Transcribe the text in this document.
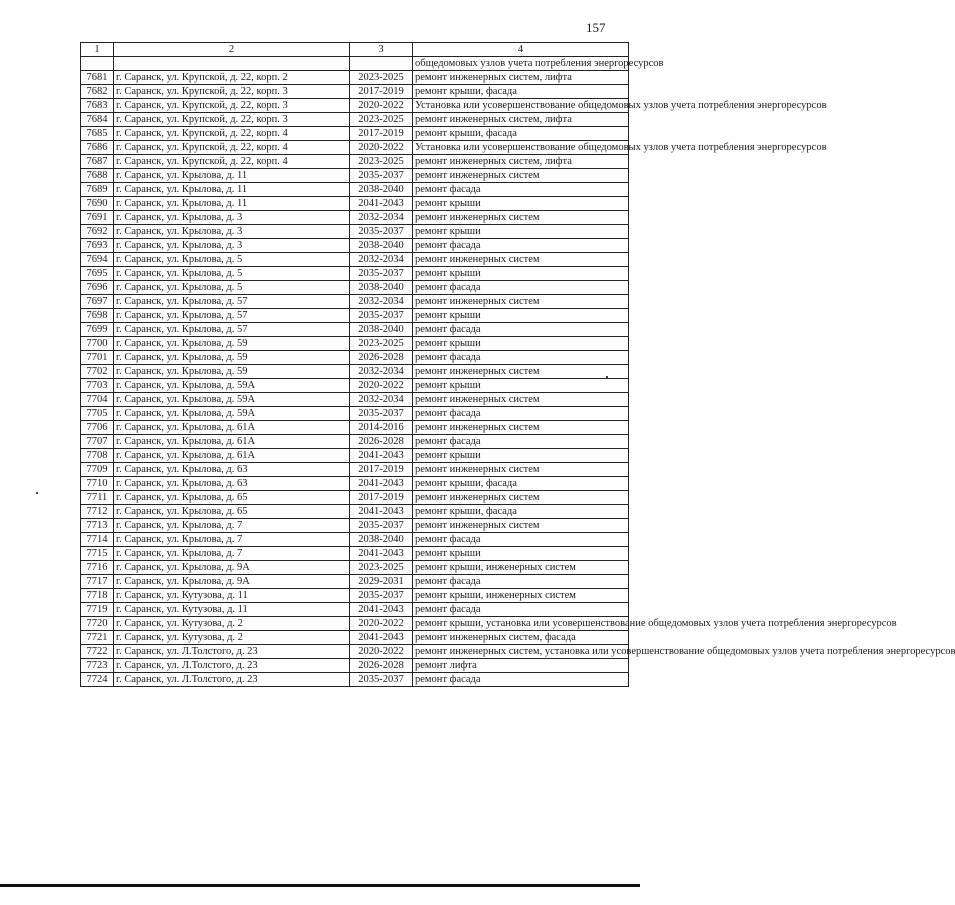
157
1	2	3	4
			общедомовых узлов учета потребления энергоресурсов
7681	г. Саранск, ул. Крупской, д. 22, корп. 2	2023-2025	ремонт инженерных систем, лифта
7682	г. Саранск, ул. Крупской, д. 22, корп. 3	2017-2019	ремонт крыши, фасада
7683	г. Саранск, ул. Крупской, д. 22, корп. 3	2020-2022	Установка или усовершенствование общедомовых узлов учета потребления энергоресурсов
7684	г. Саранск, ул. Крупской, д. 22, корп. 3	2023-2025	ремонт инженерных систем, лифта
7685	г. Саранск, ул. Крупской, д. 22, корп. 4	2017-2019	ремонт крыши, фасада
7686	г. Саранск, ул. Крупской, д. 22, корп. 4	2020-2022	Установка или усовершенствование общедомовых узлов учета потребления энергоресурсов
7687	г. Саранск, ул. Крупской, д. 22, корп. 4	2023-2025	ремонт инженерных систем, лифта
7688	г. Саранск, ул. Крылова, д. 11	2035-2037	ремонт инженерных систем
7689	г. Саранск, ул. Крылова, д. 11	2038-2040	ремонт фасада
7690	г. Саранск, ул. Крылова, д. 11	2041-2043	ремонт крыши
7691	г. Саранск, ул. Крылова, д. 3	2032-2034	ремонт инженерных систем
7692	г. Саранск, ул. Крылова, д. 3	2035-2037	ремонт крыши
7693	г. Саранск, ул. Крылова, д. 3	2038-2040	ремонт фасада
7694	г. Саранск, ул. Крылова, д. 5	2032-2034	ремонт инженерных систем
7695	г. Саранск, ул. Крылова, д. 5	2035-2037	ремонт крыши
7696	г. Саранск, ул. Крылова, д. 5	2038-2040	ремонт фасада
7697	г. Саранск, ул. Крылова, д. 57	2032-2034	ремонт инженерных систем
7698	г. Саранск, ул. Крылова, д. 57	2035-2037	ремонт крыши
7699	г. Саранск, ул. Крылова, д. 57	2038-2040	ремонт фасада
7700	г. Саранск, ул. Крылова, д. 59	2023-2025	ремонт крыши
7701	г. Саранск, ул. Крылова, д. 59	2026-2028	ремонт фасада
7702	г. Саранск, ул. Крылова, д. 59	2032-2034	ремонт инженерных систем
7703	г. Саранск, ул. Крылова, д. 59А	2020-2022	ремонт крыши
7704	г. Саранск, ул. Крылова, д. 59А	2032-2034	ремонт инженерных систем
7705	г. Саранск, ул. Крылова, д. 59А	2035-2037	ремонт фасада
7706	г. Саранск, ул. Крылова, д. 61А	2014-2016	ремонт инженерных систем
7707	г. Саранск, ул. Крылова, д. 61А	2026-2028	ремонт фасада
7708	г. Саранск, ул. Крылова, д. 61А	2041-2043	ремонт крыши
7709	г. Саранск, ул. Крылова, д. 63	2017-2019	ремонт инженерных систем
7710	г. Саранск, ул. Крылова, д. 63	2041-2043	ремонт крыши, фасада
7711	г. Саранск, ул. Крылова, д. 65	2017-2019	ремонт инженерных систем
7712	г. Саранск, ул. Крылова, д. 65	2041-2043	ремонт крыши, фасада
7713	г. Саранск, ул. Крылова, д. 7	2035-2037	ремонт инженерных систем
7714	г. Саранск, ул. Крылова, д. 7	2038-2040	ремонт фасада
7715	г. Саранск, ул. Крылова, д. 7	2041-2043	ремонт крыши
7716	г. Саранск, ул. Крылова, д. 9А	2023-2025	ремонт крыши, инженерных систем
7717	г. Саранск, ул. Крылова, д. 9А	2029-2031	ремонт фасада
7718	г. Саранск, ул. Кутузова, д. 11	2035-2037	ремонт крыши, инженерных систем
7719	г. Саранск, ул. Кутузова, д. 11	2041-2043	ремонт фасада
7720	г. Саранск, ул. Кутузова, д. 2	2020-2022	ремонт крыши, установка или усовершенствование общедомовых узлов учета потребления энергоресурсов
7721	г. Саранск, ул. Кутузова, д. 2	2041-2043	ремонт инженерных систем, фасада
7722	г. Саранск, ул. Л.Толстого, д. 23	2020-2022	ремонт инженерных систем, установка или усовершенствование общедомовых узлов учета потребления энергоресурсов
7723	г. Саранск, ул. Л.Толстого, д. 23	2026-2028	ремонт лифта
7724	г. Саранск, ул. Л.Толстого, д. 23	2035-2037	ремонт фасада
